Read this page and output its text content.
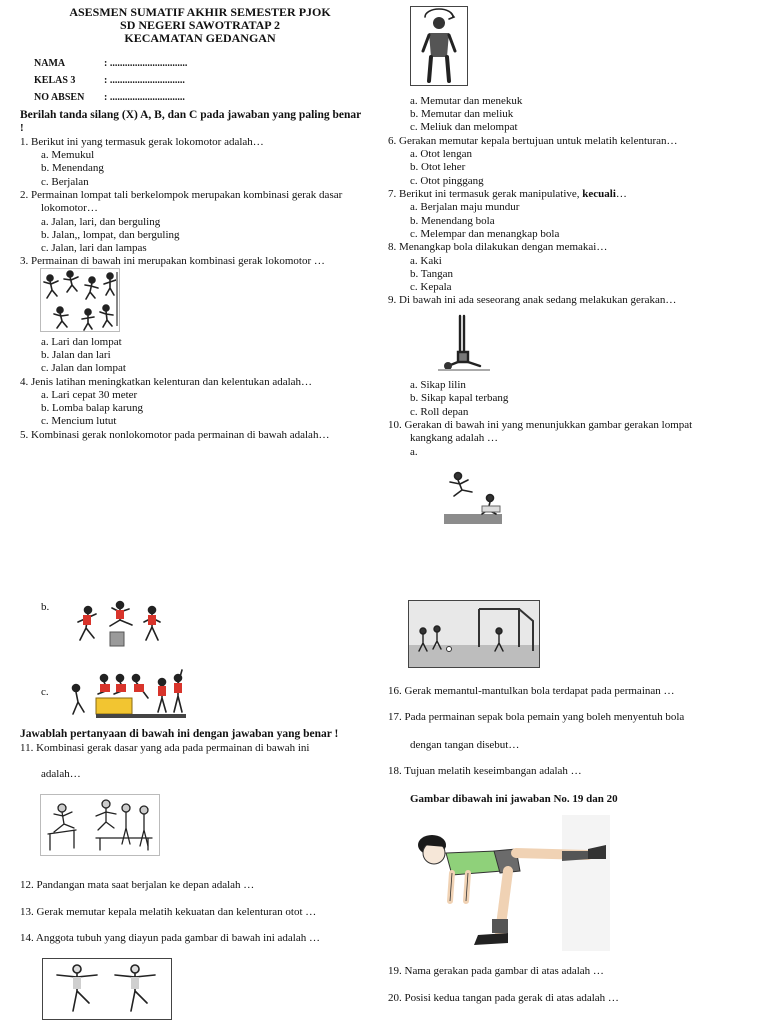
ASESMEN SUMATIF AKHIR SEMESTER PJOK
SD NEGERI SAWOTRATAP 2
KECAMATAN GEDANGAN
NAMA	: ...............................
KELAS 3	: ..............................
NO ABSEN : ..............................
Berilah tanda silang (X) A, B, dan C pada jawaban yang paling benar
!
1. Berikut ini yang termasuk gerak lokomotor adalah…
a. Memukul
b. Menendang
c. Berjalan
2. Permainan lompat tali berkelompok merupakan kombinasi gerak dasar
lokomotor…
a. Jalan, lari, dan berguling
b. Jalan,, lompat, dan berguling
c. Jalan, lari dan lampas
3. Permainan di bawah ini merupakan kombinasi gerak lokomotor …
a. Lari dan lompat
b. Jalan dan lari
c. Jalan dan lompat
4. Jenis latihan meningkatkan kelenturan dan kelentukan adalah…
a. Lari cepat 30 meter
b. Lomba balap karung
c. Mencium lutut
5. Kombinasi gerak nonlokomotor pada permainan di bawah adalah…
b.
c.
Jawablah pertanyaan di bawah ini dengan jawaban yang benar !
11. Kombinasi gerak dasar yang ada pada permainan di bawah ini
adalah…
12. Pandangan mata saat berjalan ke depan adalah …
13. Gerak memutar kepala melatih kekuatan dan kelenturan otot …
14. Anggota tubuh yang diayun pada gambar di bawah ini adalah …
a. Memutar dan menekuk
b. Memutar dan meliuk
c. Meliuk dan melompat
6. Gerakan memutar kepala bertujuan untuk melatih kelenturan…
a. Otot lengan
b. Otot leher
c. Otot pinggang
7. Berikut ini termasuk gerak manipulative, kecuali…
a. Berjalan maju mundur
b. Menendang bola
c. Melempar dan menangkap bola
8. Menangkap bola dilakukan dengan memakai…
a. Kaki
b. Tangan
c. Kepala
9. Di bawah ini ada seseorang anak sedang melakukan gerakan…
a. Sikap lilin
b. Sikap kapal terbang
c. Roll depan
10. Gerakan di bawah ini yang menunjukkan gambar gerakan lompat
kangkang adalah …
a.
16. Gerak memantul-mantulkan bola terdapat pada permainan …
17. Pada permainan sepak bola pemain yang boleh menyentuh bola
dengan tangan disebut…
18. Tujuan melatih keseimbangan adalah …
Gambar dibawah ini jawaban No. 19 dan 20
19. Nama gerakan pada gambar di atas adalah …
20. Posisi kedua tangan pada gerak di atas adalah …
